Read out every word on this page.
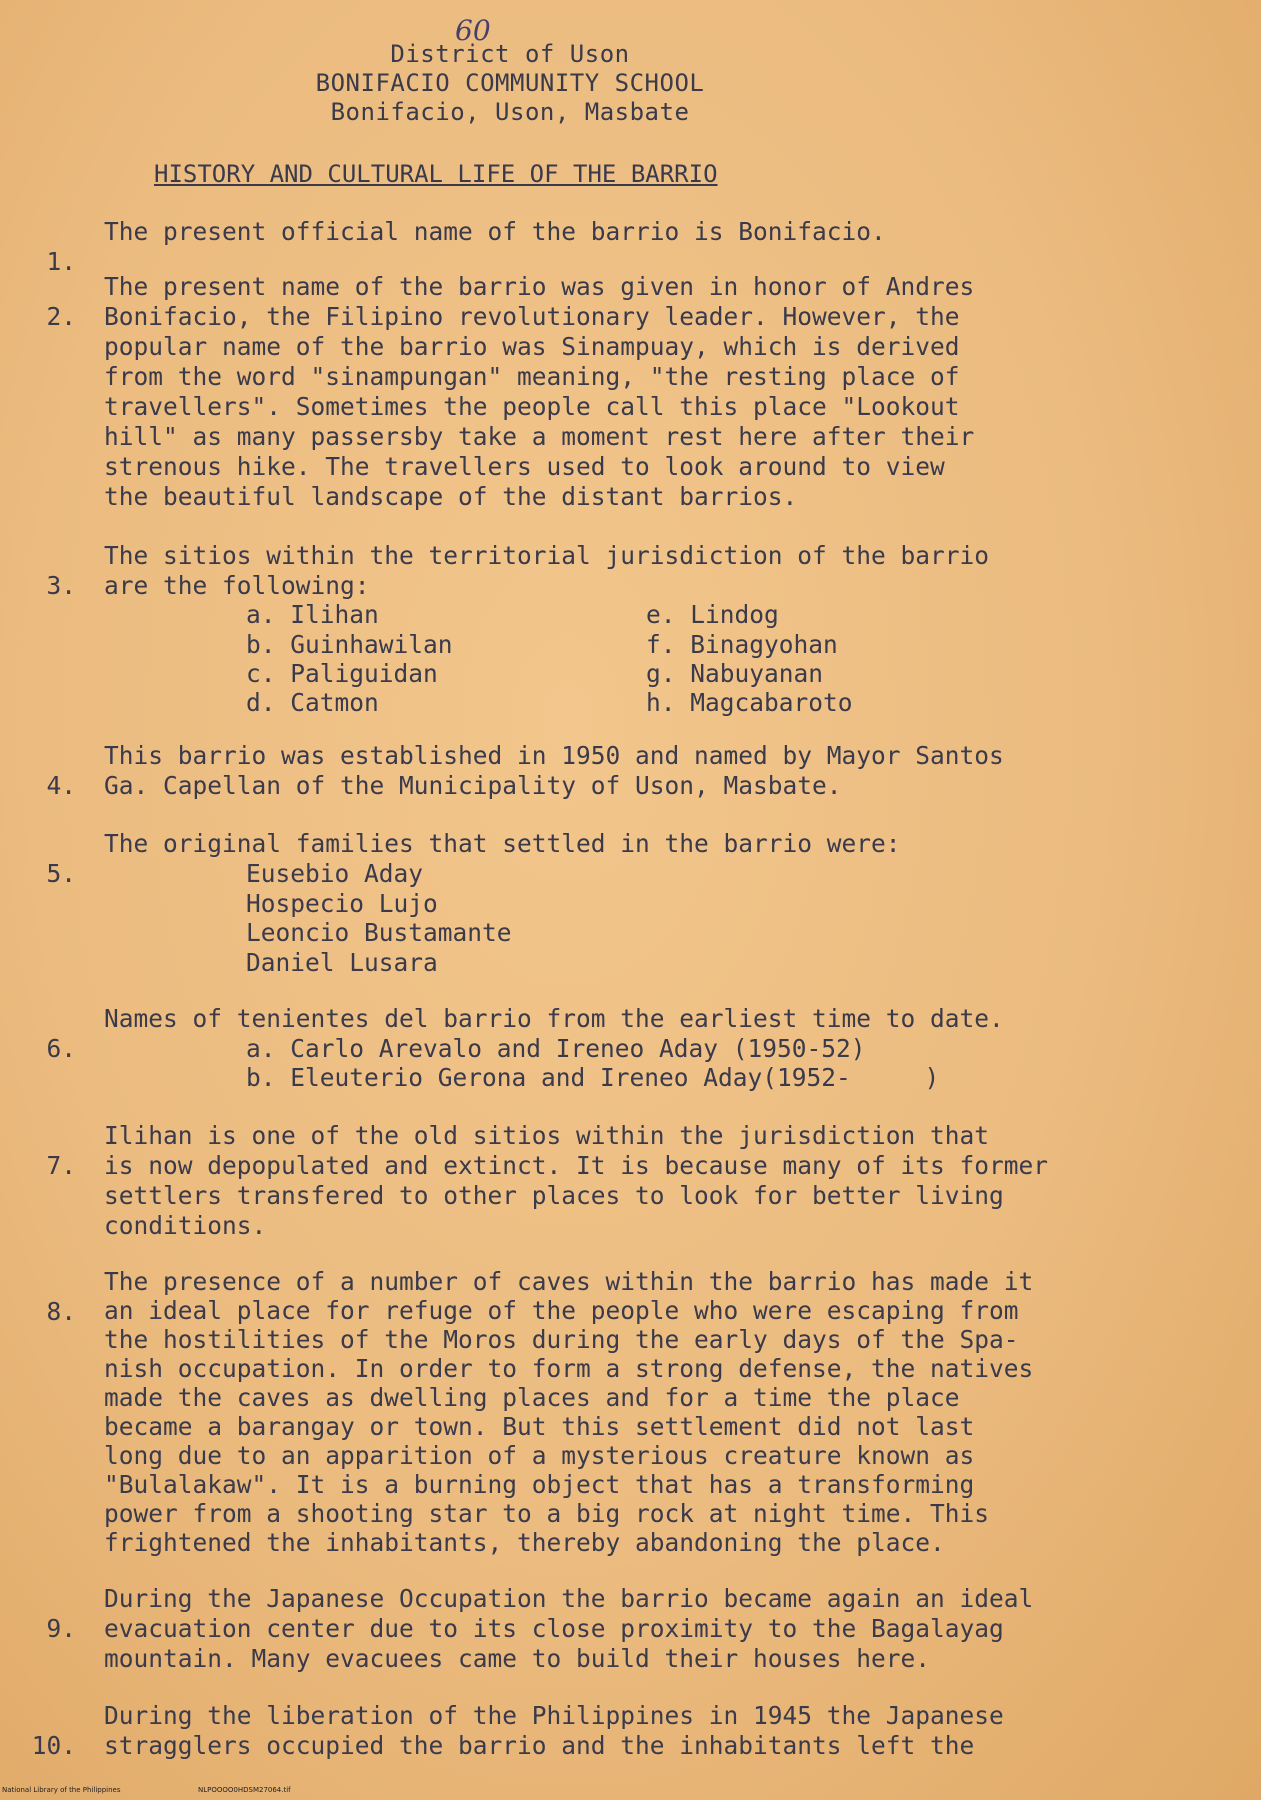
60
District of Uson
BONIFACIO COMMUNITY SCHOOL
Bonifacio, Uson, Masbate
HISTORY AND CULTURAL LIFE OF THE BARRIO

1.

The present official name of the barrio is Bonifacio.

2.

The present name of the barrio was given in honor of Andres

Bonifacio, the Filipino revolutionary leader. However, the

popular name of the barrio was Sinampuay, which is derived

from the word "sinampungan" meaning, "the resting place of

travellers". Sometimes the people call this place "Lookout

hill" as many passersby take a moment rest here after their

strenous hike. The travellers used to look around to view

the beautiful landscape of the distant barrios.

3.

The sitios within the territorial jurisdiction of the barrio

are the following:

a. Ilihan
b. Guinhawilan
c. Paliguidan
d. Catmon
e. Lindog
f. Binagyohan
g. Nabuyanan
h. Magcabaroto

4.

This barrio was established in 1950 and named by Mayor Santos

Ga. Capellan of the Municipality of Uson, Masbate.

5.

The original families that settled in the barrio were:

Eusebio Aday
Hospecio Lujo
Leoncio Bustamante
Daniel Lusara

6.

Names of tenientes del barrio from the earliest time to date.

a. Carlo Arevalo and Ireneo Aday (1950-52)
b. Eleuterio Gerona and Ireneo Aday(1952-     )

7.

Ilihan is one of the old sitios within the jurisdiction that

is now depopulated and extinct. It is because many of its former

settlers transfered to other places to look for better living

conditions.

8.

The presence of a number of caves within the barrio has made it

an ideal place for refuge of the people who were escaping from

the hostilities of the Moros during the early days of the Spa-

nish occupation. In order to form a strong defense, the natives

made the caves as dwelling places and for a time the place

became a barangay or town. But this settlement did not last

long due to an apparition of a mysterious creature known as

"Bulalakaw". It is a burning object that has a transforming

power from a shooting star to a big rock at night time. This

frightened the inhabitants, thereby abandoning the place.

9.

During the Japanese Occupation the barrio became again an ideal

evacuation center due to its close proximity to the Bagalayag

mountain. Many evacuees came to build their houses here.

10.

During the liberation of the Philippines in 1945 the Japanese

stragglers occupied the barrio and the inhabitants left the

National Library of the Philippines

	NLPOOOO0HDSM27064.tif
